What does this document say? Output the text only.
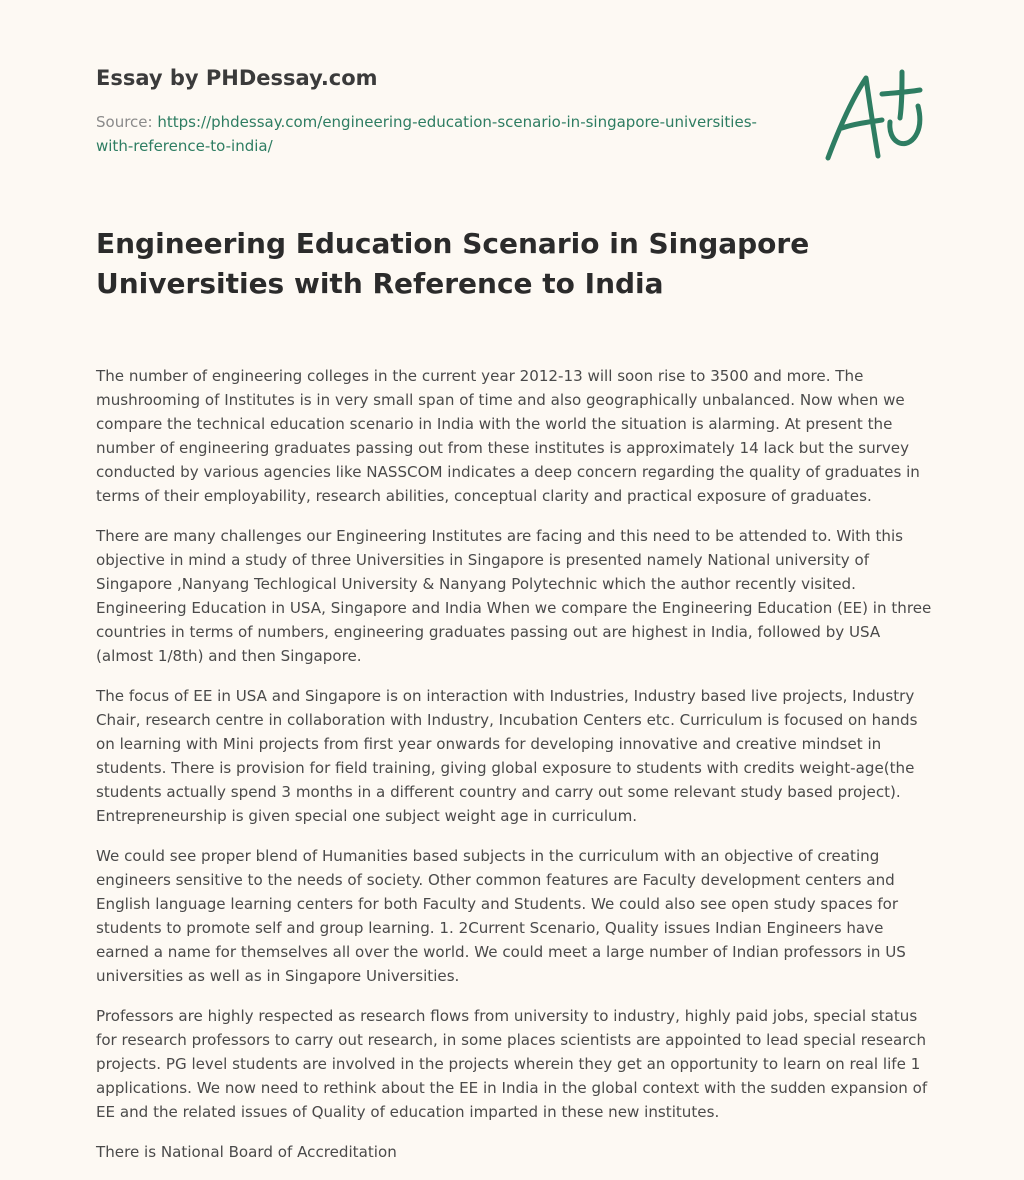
Essay by PHDessay.com

Source: https://phdessay.com/engineering-education-scenario-in-singapore-universities-with-reference-to-india/
Engineering Education Scenario in Singapore Universities with Reference to India

The number of engineering colleges in the current year 2012-13 will soon rise to 3500 and more. The mushrooming of Institutes is in very small span of time and also geographically unbalanced. Now when we compare the technical education scenario in India with the world the situation is alarming. At present the number of engineering graduates passing out from these institutes is approximately 14 lack but the survey conducted by various agencies like NASSCOM indicates a deep concern regarding the quality of graduates in terms of their employability, research abilities, conceptual clarity and practical exposure of graduates.

There are many challenges our Engineering Institutes are facing and this need to be attended to. With this objective in mind a study of three Universities in Singapore is presented namely National university of Singapore ,Nanyang Techlogical University & Nanyang Polytechnic which the author recently visited. Engineering Education in USA, Singapore and India When we compare the Engineering Education (EE) in three countries in terms of numbers, engineering graduates passing out are highest in India, followed by USA (almost 1/8th) and then Singapore.

The focus of EE in USA and Singapore is on interaction with Industries, Industry based live projects, Industry Chair, research centre in collaboration with Industry, Incubation Centers etc. Curriculum is focused on hands on learning with Mini projects from first year onwards for developing innovative and creative mindset in students. There is provision for field training, giving global exposure to students with credits weight-age(the students actually spend 3 months in a different country and carry out some relevant study based project). Entrepreneurship is given special one subject weight age in curriculum.

We could see proper blend of Humanities based subjects in the curriculum with an objective of creating engineers sensitive to the needs of society. Other common features are Faculty development centers and English language learning centers for both Faculty and Students. We could also see open study spaces for students to promote self and group learning. 1. 2Current Scenario, Quality issues Indian Engineers have earned a name for themselves all over the world. We could meet a large number of Indian professors in US universities as well as in Singapore Universities.

Professors are highly respected as research flows from university to industry, highly paid jobs, special status for research professors to carry out research, in some places scientists are appointed to lead special research projects. PG level students are involved in the projects wherein they get an opportunity to learn on real life 1 applications. We now need to rethink about the EE in India in the global context with the sudden expansion of EE and the related issues of Quality of education imparted in these new institutes.

There is National Board of Accreditation
